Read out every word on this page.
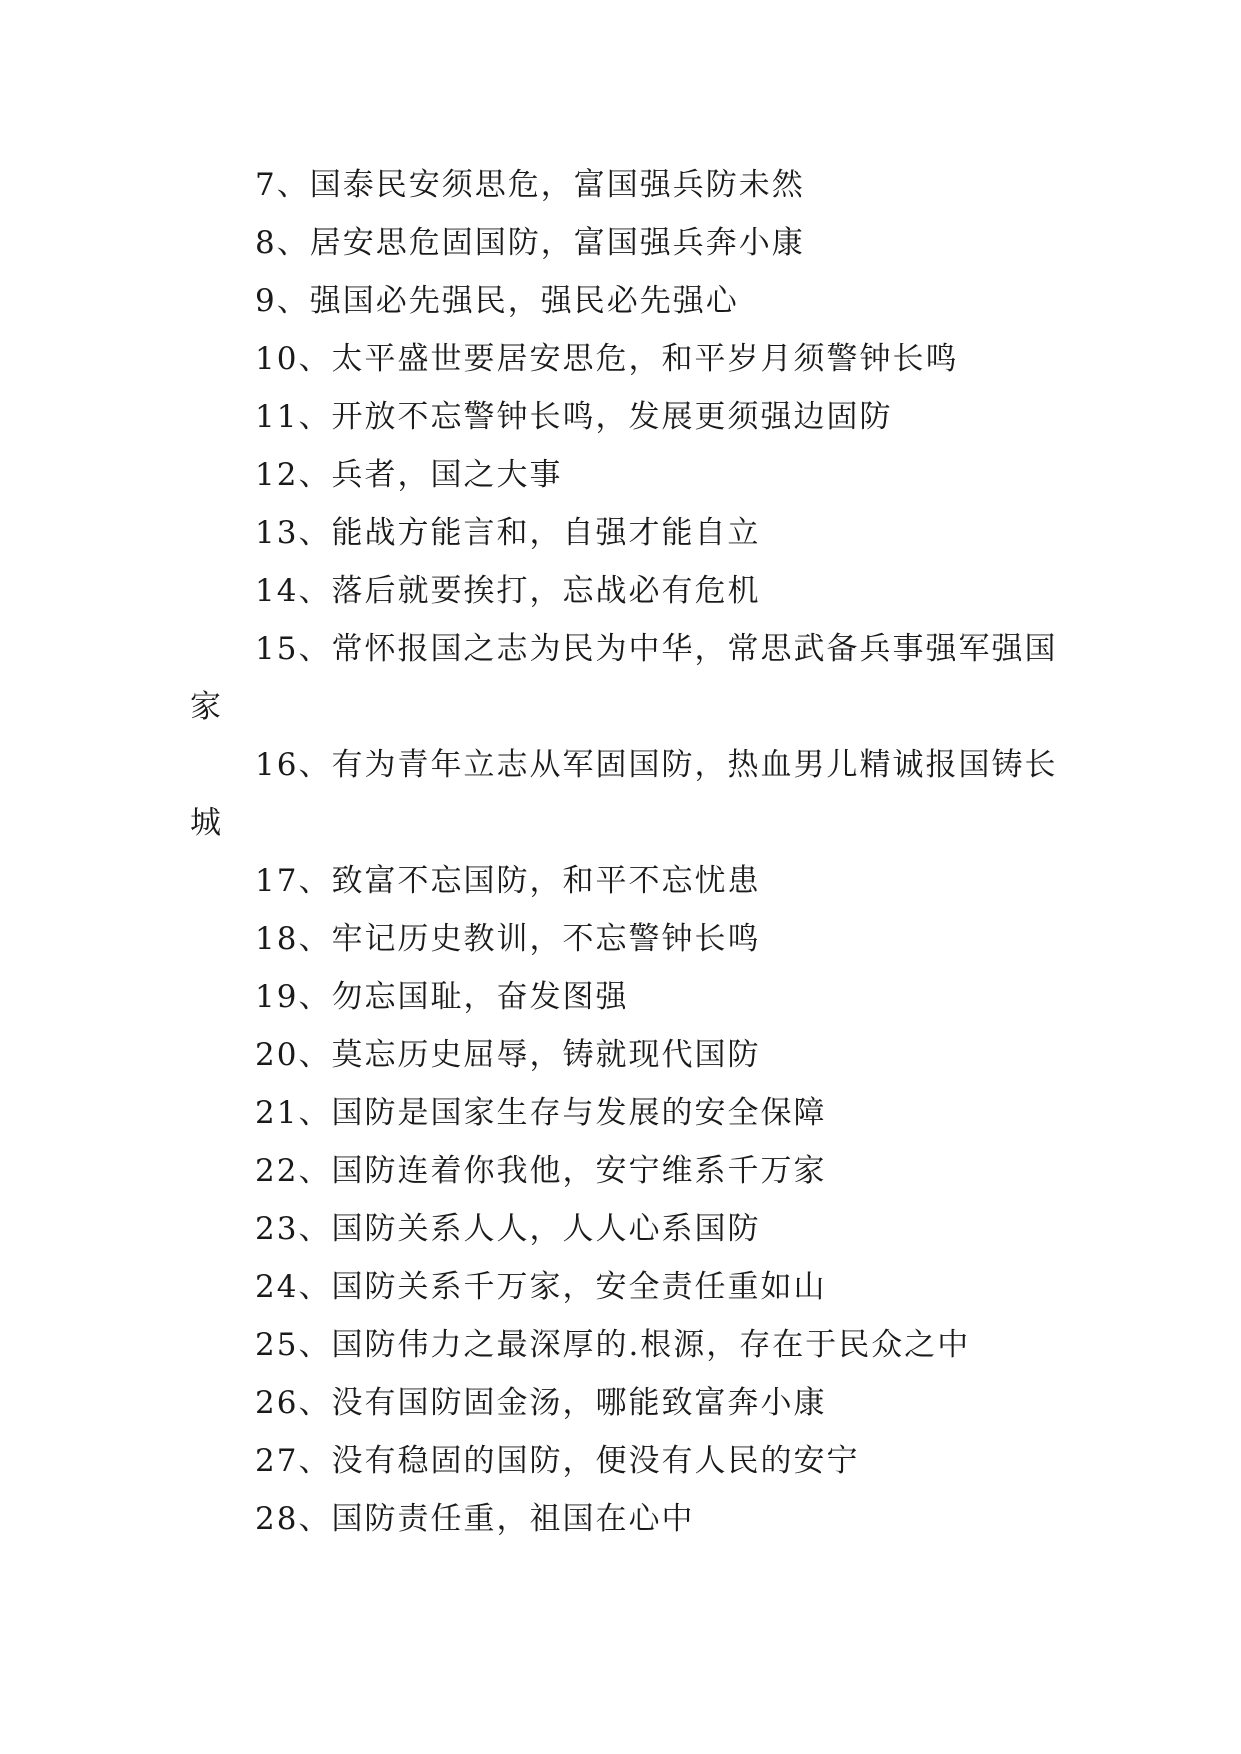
7、国泰民安须思危，富国强兵防未然
8、居安思危固国防，富国强兵奔小康
9、强国必先强民，强民必先强心
10、太平盛世要居安思危，和平岁月须警钟长鸣
11、开放不忘警钟长鸣，发展更须强边固防
12、兵者，国之大事
13、能战方能言和，自强才能自立
14、落后就要挨打，忘战必有危机
15、常怀报国之志为民为中华，常思武备兵事强军强国
家
16、有为青年立志从军固国防，热血男儿精诚报国铸长
城
17、致富不忘国防，和平不忘忧患
18、牢记历史教训，不忘警钟长鸣
19、勿忘国耻，奋发图强
20、莫忘历史屈辱，铸就现代国防
21、国防是国家生存与发展的安全保障
22、国防连着你我他，安宁维系千万家
23、国防关系人人，人人心系国防
24、国防关系千万家，安全责任重如山
25、国防伟力之最深厚的.根源，存在于民众之中
26、没有国防固金汤，哪能致富奔小康
27、没有稳固的国防，便没有人民的安宁
28、国防责任重，祖国在心中
